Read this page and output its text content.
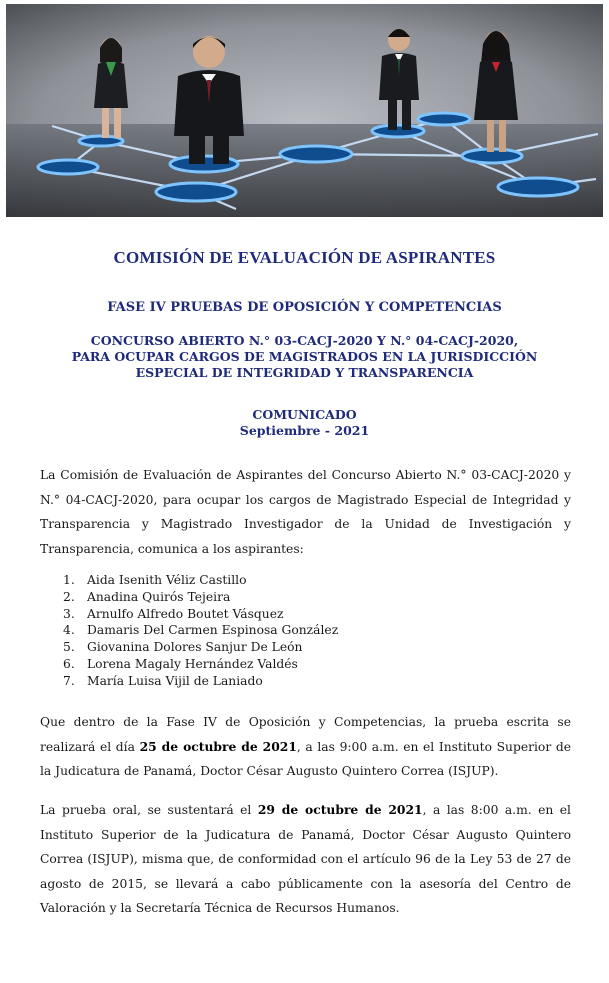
COMISIÓN DE EVALUACIÓN DE ASPIRANTES
FASE IV PRUEBAS DE OPOSICIÓN Y COMPETENCIAS
CONCURSO ABIERTO N.° 03-CACJ-2020 Y N.° 04-CACJ-2020,
PARA OCUPAR CARGOS DE MAGISTRADOS EN LA JURISDICCIÓN
ESPECIAL DE INTEGRIDAD Y TRANSPARENCIA
COMUNICADO
Septiembre - 2021
La Comisión de Evaluación de Aspirantes del Concurso Abierto N.° 03-CACJ-2020 y N.° 04-CACJ-2020, para ocupar los cargos de Magistrado Especial de Integridad y Transparencia y Magistrado Investigador de la Unidad de Investigación y Transparencia, comunica a los aspirantes:
1. Aida Isenith Véliz Castillo
2. Anadina Quirós Tejeira
3. Arnulfo Alfredo Boutet Vásquez
4. Damaris Del Carmen Espinosa González
5. Giovanina Dolores Sanjur De León
6. Lorena Magaly Hernández Valdés
7. María Luisa Vijil de Laniado
Que dentro de la Fase IV de Oposición y Competencias, la prueba escrita se realizará el día 25 de octubre de 2021, a las 9:00 a.m. en el Instituto Superior de la Judicatura de Panamá, Doctor César Augusto Quintero Correa (ISJUP).
La prueba oral, se sustentará el 29 de octubre de 2021, a las 8:00 a.m. en el Instituto Superior de la Judicatura de Panamá, Doctor César Augusto Quintero Correa (ISJUP), misma que, de conformidad con el artículo 96 de la Ley 53 de 27 de agosto de 2015, se llevará a cabo públicamente con la asesoría del Centro de Valoración y la Secretaría Técnica de Recursos Humanos.
